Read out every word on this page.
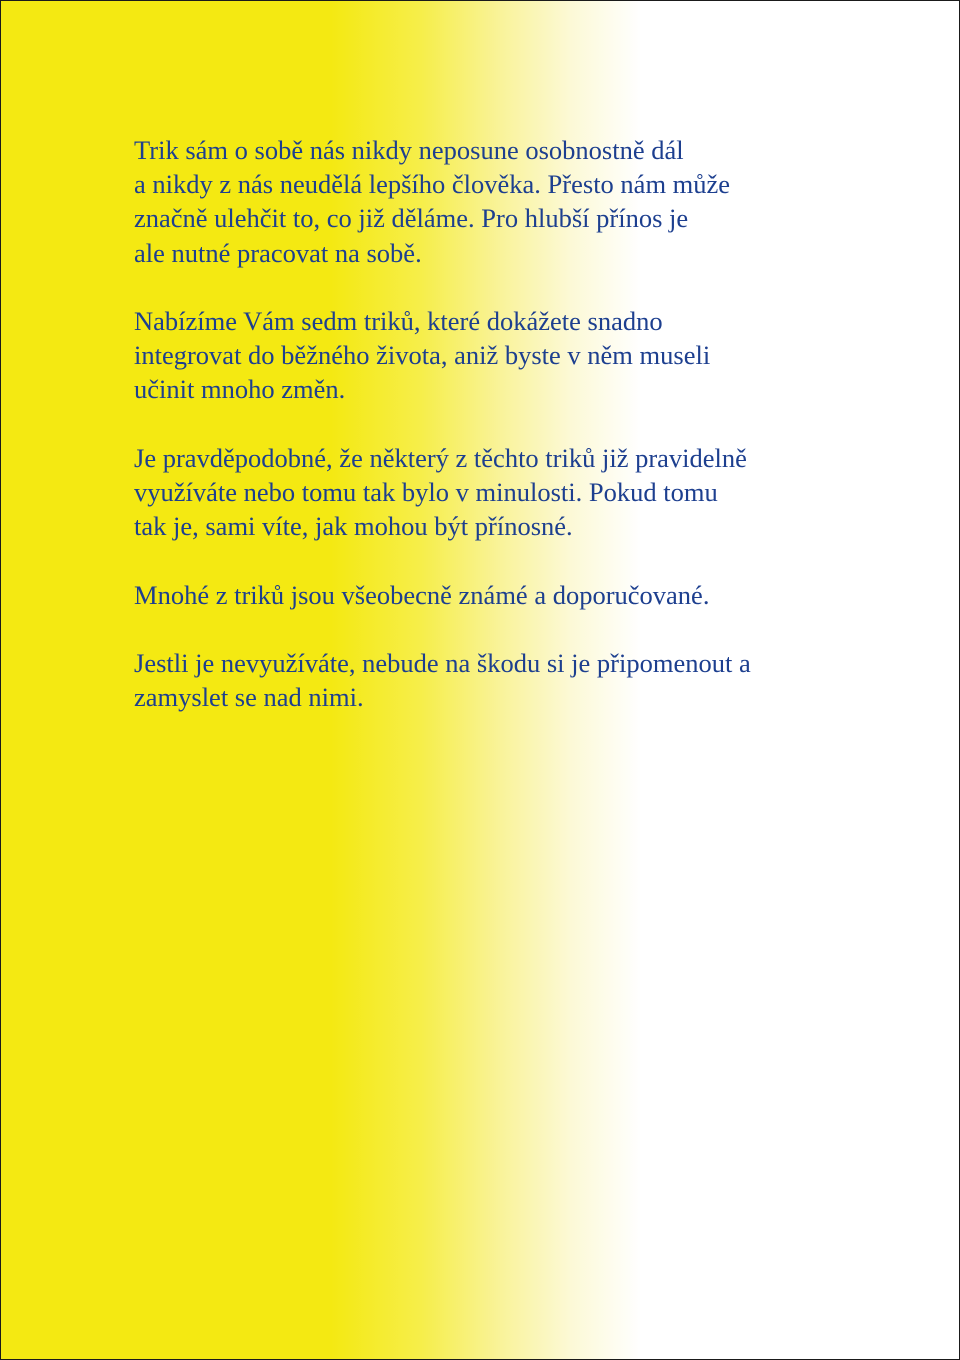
Trik sám o sobě nás nikdy neposune osobnostně dál
a nikdy z nás neudělá lepšího člověka. Přesto nám může
značně ulehčit to, co již děláme. Pro hlubší přínos je
ale nutné pracovat na sobě.

Nabízíme Vám sedm triků, které dokážete snadno
integrovat do běžného života, aniž byste v něm museli
učinit mnoho změn.

Je pravděpodobné, že některý z těchto triků již pravidelně
využíváte nebo tomu tak bylo v minulosti. Pokud tomu
tak je, sami víte, jak mohou být přínosné.

Mnohé z triků jsou všeobecně známé a doporučované.

Jestli je nevyužíváte, nebude na škodu si je připomenout a
zamyslet se nad nimi.
